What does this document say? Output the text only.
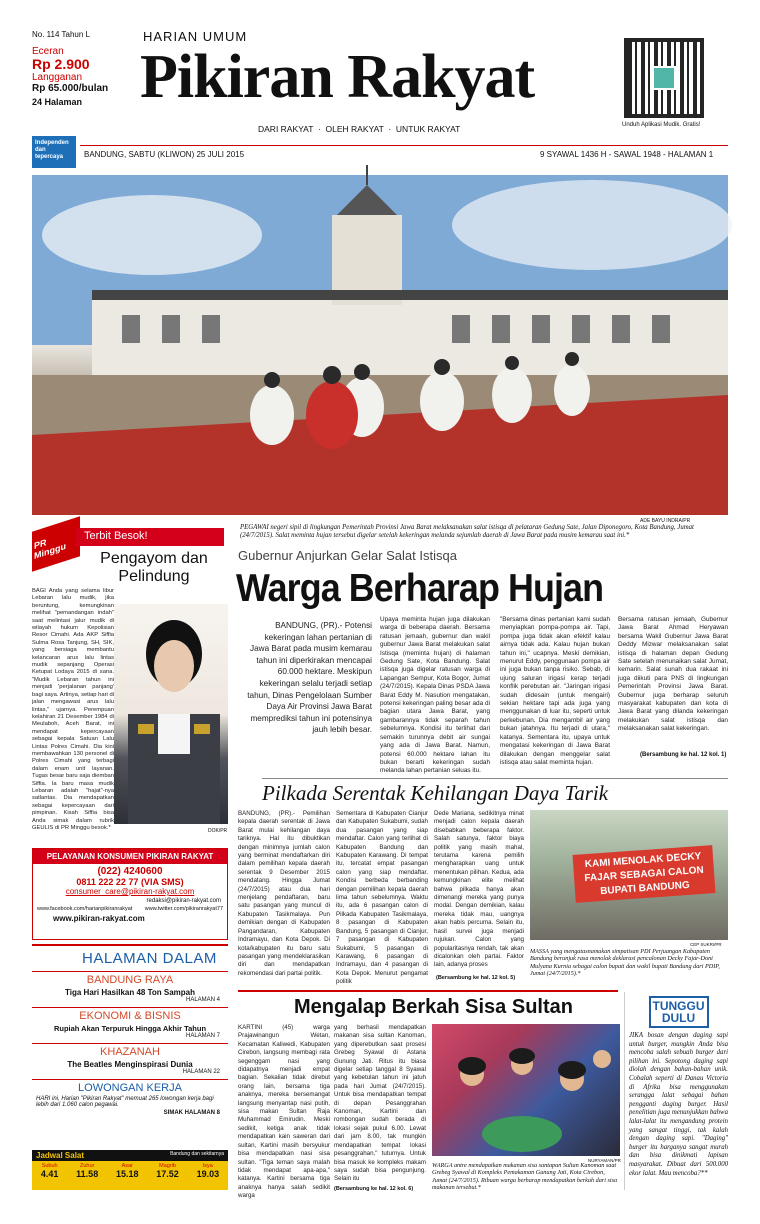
No. 114 Tahun L
Eceran
Rp 2.900
Langganan
Rp 65.000/bulan
24 Halaman
HARIAN UMUM
Pikiran Rakyat
DARI RAKYAT  ·  OLEH RAKYAT  ·  UNTUK RAKYAT
Independen dan tepercaya	BANDUNG, SABTU (KLIWON) 25 JULI 2015	9 SYAWAL 1436 H - SAWAL 1948 - HALAMAN 1
Unduh Aplikasi Mudik. Gratis!
ADE BAYU INDRA/PR
PEGAWAI negeri sipil di lingkungan Pemerintah Provinsi Jawa Barat melaksanakan salat istisqa di pelataran Gedung Sate, Jalan Diponegoro, Kota Bandung, Jumat (24/7/2015). Salat meminta hujan tersebut digelar setelah kekeringan melanda sejumlah daerah di Jawa Barat pada musim kemarau saat ini.*
PR Minggu
Terbit Besok!
Pengayom dan Pelindung
BAGI Anda yang selama libur Lebaran lalu mudik, jika beruntung, kemungkinan melihat "pemandangan indah" saat melintasi jalur mudik di wilayah hukum Kepolisian Resor Cimahi. Ada AKP Siffia Sulma Rosa Tanjung, SH, SIK, yang bersiaga membantu kelancaran arus lalu lintas mudik sepanjang Operasi Ketupat Lodaya 2015 di sana. "Mudik Lebaran tahun ini menjadi 'perjalanan panjang' bagi saya. Artinya, setiap hari di jalan mengawasi arus lalu lintas," ujarnya. Perempuan kelahiran 21 Desember 1984 di Meulaboh, Aceh Barat, ini mendapat kepercayaan sebagai kepala Satuan Lalu Lintas Polres Cimahi. Dia kini membawahkan 130 personel di Polres Cimahi yang terbagi dalam enam unit layanan. Tugas besar baru saja diemban Siffia. Ia baru masa mudik Lebaran adalah "hajat"-nya satlantas. Dia mendapatkan sebagai kepercayaan dari pimpinan. Kisah Siffia bisa Anda simak dalam rubrik GEULIS di PR Minggu besok.*	DOK/PR
PELAYANAN KONSUMEN PIKIRAN RAKYAT
(022) 4240600
0811 222 22 77 (VIA SMS)
consumer_care@pikiran-rakyat.com
redaksi@pikiran-rakyat.com
www.facebook.com/harianpikiranrakyat www.twitter.com/pikiranrakyat77
www.pikiran-rakyat.com
HALAMAN DALAM
BANDUNG RAYA
Tiga Hari Hasilkan 48 Ton Sampah
HALAMAN 4
EKONOMI & BISNIS
Rupiah Akan Terpuruk Hingga Akhir Tahun
HALAMAN 7
KHAZANAH
The Beatles Menginspirasi Dunia
HALAMAN 22
LOWONGAN KERJA
HARI ini, Harian "Pikiran Rakyat" memuat 265 lowongan kerja bagi lebih dari 1.060 calon pegawai.
SIMAK HALAMAN 8
Jadwal Salat	Bandung dan sekitarnya
Subuh
4.41
Zuhur
11.58
Asar
15.18
Magrib
17.52
Isya
19.03
Gubernur Anjurkan Gelar Salat Istisqa
Warga Berharap Hujan
BANDUNG, (PR).- Potensi kekeringan lahan pertanian di Jawa Barat pada musim kemarau tahun ini diperkirakan mencapai 60.000 hektare. Meskipun kekeringan selalu terjadi setiap tahun, Dinas Pengelolaan Sumber Daya Air Provinsi Jawa Barat memprediksi tahun ini potensinya jauh lebih besar.
Upaya meminta hujan juga dilakukan warga di beberapa daerah. Bersama ratusan jemaah, gubernur dan wakil gubernur Jawa Barat melakukan salat Istisqa (meminta hujan) di halaman Gedung Sate, Kota Bandung. Salat istisqa juga digelar ratusan warga di Lapangan Sempur, Kota Bogor, Jumat (24/7/2015). Kepala Dinas PSDA Jawa Barat Eddy M. Nasution mengatakan, potensi kekeringan paling besar ada di bagian utara Jawa Barat, yang gambarannya tidak separah tahun sebelumnya. Kondisi itu terlihat dari semakin turunnya debit air sungai yang ada di Jawa Barat. Namun, potensi 60.000 hektare lahan itu bukan berarti kekeringan sudah melanda lahan pertanian seluas itu.
"Bersama dinas pertanian kami sudah menyiapkan pompa-pompa air. Tapi, pompa juga tidak akan efektif kalau airnya tidak ada. Kalau hujan bukan tahun ini," ucapnya. Meski demikian, menurut Eddy, penggunaan pompa air ini juga bukan tanpa risiko. Sebab, di ujung saluran irigasi kerap terjadi konflik perebutan air. "Jaringan irigasi sudah didesain (untuk mengairi) sekian hektare tapi ada juga yang menggunakan di luar itu, seperti untuk perkebunan. Dia mengambil air yang bukan jatahnya. Itu terjadi di utara," katanya. Sementara itu, upaya untuk mengatasi kekeringan di Jawa Barat dilakukan dengan menggelar salat istisqa atau salat meminta hujan.
Bersama ratusan jemaah, Gubernur Jawa Barat Ahmad Heryawan bersama Wakil Gubernur Jawa Barat Deddy Mizwar melaksanakan salat istisqa di halaman depan Gedung Sate setelah menunaikan salat Jumat, kemarin. Salat sunah dua rakaat ini juga diikuti para PNS di lingkungan Pemerintah Provinsi Jawa Barat. Gubernur juga berharap seluruh masyarakat kabupaten dan kota di Jawa Barat yang dilanda kekeringan melakukan salat istisqa dan melaksanakan salat kekeringan.
(Bersambung ke hal. 12 kol. 1)
Pilkada Serentak Kehilangan Daya Tarik
BANDUNG, (PR).- Pemilihan kepala daerah serentak di Jawa Barat mulai kehilangan daya tariknya. Hal itu dibuktikan dengan minimnya jumlah calon yang berminat mendaftarkan diri dalam pemilihan kepala daerah serentak 9 Desember 2015 mendatang. Hingga Jumat (24/7/2015) atau dua hari menjelang pendaftaran, baru satu pasangan yang muncul di Kabupaten Tasikmalaya. Pun demikian dengan di Kabupaten Pangandaran, Kabupaten Indramayu, dan Kota Depok. Di kota/kabupaten itu baru satu pasangan yang mendeklarasikan diri dan mendapatkan rekomendasi dari partai politik.
Sementara di Kabupaten Cianjur dan Kabupaten Sukabumi, sudah dua pasangan yang siap mendaftar. Calon yang terlihat di Kabupaten Bandung dan Kabupaten Karawang. Di tempat itu, tercatat empat pasangan calon yang siap mendaftar. Kondisi berbeda berbanding dengan pemilihan kepala daerah lima tahun sebelumnya. Waktu itu, ada 6 pasangan calon di Pilkada Kabupaten Tasikmalaya, 8 pasangan di Kabupaten Bandung, 5 pasangan di Cianjur, 7 pasangan di Kabupaten Sukabumi, 5 pasangan di Karawang, 6 pasangan di Indramayu, dan 4 pasangan di Kota Depok. Menurut pengamat politik
Dede Mariana, sedikitnya minat menjadi calon kepala daerah disebabkan beberapa faktor. Salah satunya, faktor biaya politik yang masih mahal, terutama karena pemilih mengharapkan uang untuk menentukan pilihan. Kedua, ada kemungkinan elite melihat bahwa pilkada hanya akan dimenangi mereka yang punya modal. Dengan demikian, kalau mereka tidak mau, uangnya akan habis percuma. Selain itu, hasil survei juga menjadi rujukan. Calon yang popularitasnya rendah, tak akan dicalonkan oleh partai. Faktor lain, adanya proses
(Bersambung ke hal. 12 kol. 5)
KAMI MENOLAK DECKY FAJAR SEBAGAI CALON BUPATI BANDUNG
CEP SUKRI/PR
MASSA yang mengatasnamakan simpatisan PDI Perjuangan Kabupaten Bandung berunjuk rasa menolak deklarasi pencalonan Decky Fajar-Doni Mulyana Kurnia sebagai calon bupati dan wakil bupati Bandung dari PDIP, Jumat (24/7/2015).*
Mengalap Berkah Sisa Sultan
KARTINI (45) warga Prajawinangun Wetan, Kecamatan Kaliwedi, Kabupaten Cirebon, langsung membagi rata segenggam nasi yang didapatnya menjadi empat bagian. Sekalian tidak direbut orang lain, bersama tiga anaknya, mereka bersemangat langsung menyantap nasi putih, sisa makan Sultan Raja Muhammad Emirudin. Meski sedikit, ketiga anak tidak mendapatkan kain saweran dari sultan, Kartini masih bersyukur bisa mendapatkan nasi sisa sultan. "Tiga teman saya malah tidak mendapat apa-apa," katanya. Kartini bersama tiga anaknya hanya salah sedikit warga
yang berhasil mendapatkan makanan sisa sultan Kanoman, yang diperebutkan saat prosesi Grebeg Syawal di Astana Gunung Jati. Ritus itu biasa digelar setiap tanggal 8 Syawal yang kebetulan tahun ini jatuh pada hari Jumat (24/7/2015). Untuk bisa mendapatkan tempat di depan Pesanggrahan Kanoman, Kartini dan rombongan sudah berada di lokasi sejak pukul 6.00. Lewat dari jam 8.00, tak mungkin mendapatkan tempat lokasi pesanggrahan," tuturnya. Untuk bisa masuk ke kompleks makam saya sudah bisa pengunjung. Selain itu
(Bersambung ke hal. 12 kol. 6)
NURYAMAN/PR
WARGA antre mendapatkan makanan sisa santapan Sultan Kanoman saat Grebeg Syawal di Kompleks Pemakaman Gunung Jati, Kota Cirebon, Jumat (24/7/2015). Ribuan warga berharap mendapatkan berkah dari sisa makanan tersebut.*
TUNGGU DULU
JIKA bosan dengan daging sapi untuk burger, mungkin Anda bisa mencoba salah sebuah burger dari pilihan ini. Sepotong daging sapi diolah dengan bahan-bahan unik. Cobalah seperti di Danau Victoria di Afrika bisa menggunakan serangga lalat sebagai bahan pengganti daging burger. Hasil penelitian juga menunjukkan bahwa lalat-lalat itu mengandung protein yang sangat tinggi, tak kalah dengan daging sapi. "Daging" burger itu harganya sangat murah dan bisa dinikmati lapisan masyarakat. Dibuat dari 500.000 ekor lalat. Mau mencoba?**
